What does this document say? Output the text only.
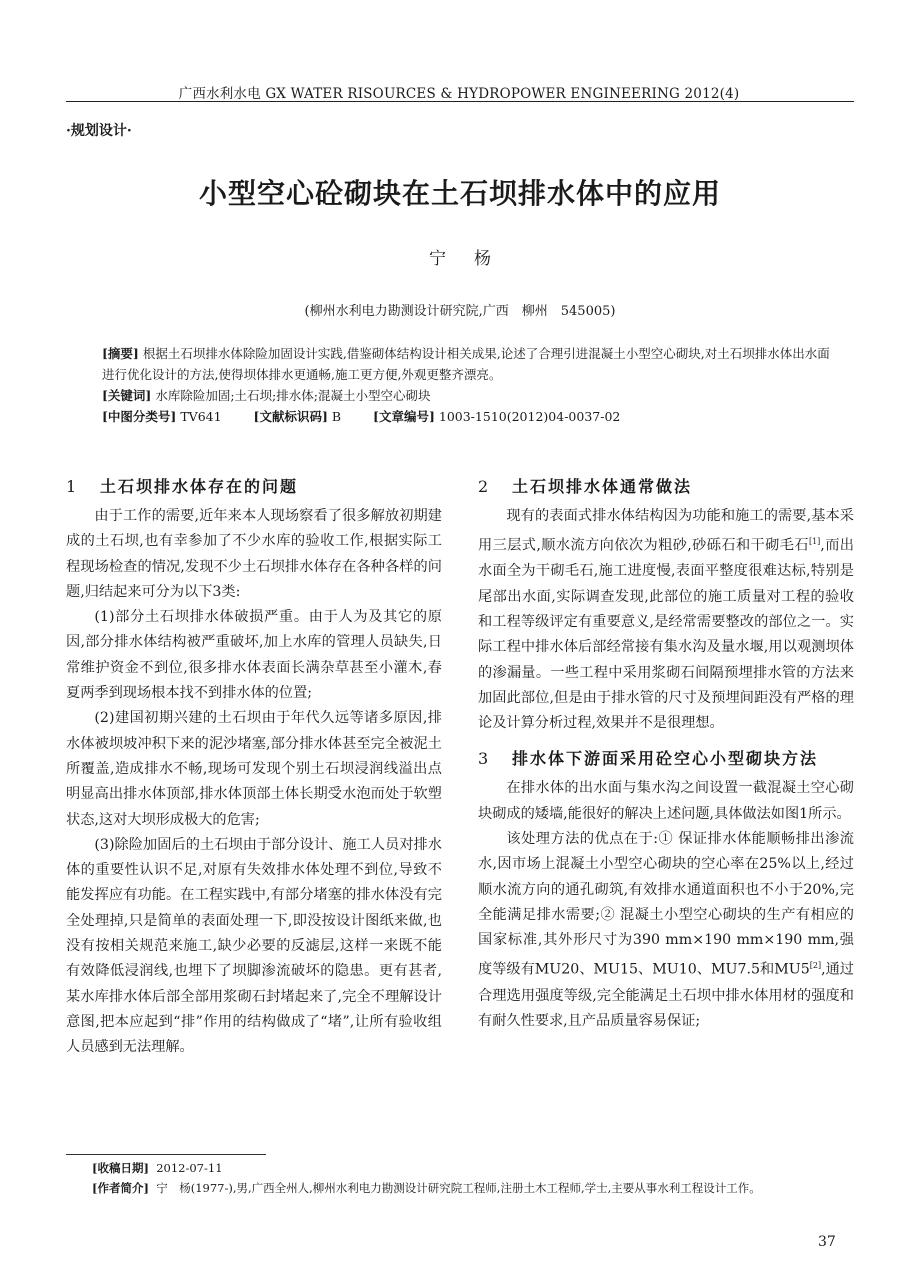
广西水利水电 GX WATER RISOURCES & HYDROPOWER ENGINEERING 2012(4)
·规划设计·
小型空心砼砌块在土石坝排水体中的应用
宁杨
(柳州水利电力勘测设计研究院,广西　柳州　545005)
[摘要] 根据土石坝排水体除险加固设计实践,借鉴砌体结构设计相关成果,论述了合理引进混凝土小型空心砌块,对土石坝排水体出水面进行优化设计的方法,使得坝体排水更通畅,施工更方便,外观更整齐漂亮。
[关键词] 水库除险加固;土石坝;排水体;混凝土小型空心砌块
[中图分类号] TV641	[文献标识码] B	[文章编号] 1003-1510(2012)04-0037-02
1 土石坝排水体存在的问题

由于工作的需要,近年来本人现场察看了很多解放初期建成的土石坝,也有幸参加了不少水库的验收工作,根据实际工程现场检查的情况,发现不少土石坝排水体存在各种各样的问题,归结起来可分为以下3类:

(1)部分土石坝排水体破损严重。由于人为及其它的原因,部分排水体结构被严重破坏,加上水库的管理人员缺失,日常维护资金不到位,很多排水体表面长满杂草甚至小灌木,春夏两季到现场根本找不到排水体的位置;

(2)建国初期兴建的土石坝由于年代久远等诸多原因,排水体被坝坡冲积下来的泥沙堵塞,部分排水体甚至完全被泥土所覆盖,造成排水不畅,现场可发现个别土石坝浸润线溢出点明显高出排水体顶部,排水体顶部土体长期受水泡而处于软塑状态,这对大坝形成极大的危害;

(3)除险加固后的土石坝由于部分设计、施工人员对排水体的重要性认识不足,对原有失效排水体处理不到位,导致不能发挥应有功能。在工程实践中,有部分堵塞的排水体没有完全处理掉,只是简单的表面处理一下,即没按设计图纸来做,也没有按相关规范来施工,缺少必要的反滤层,这样一来既不能有效降低浸润线,也埋下了坝脚渗流破坏的隐患。更有甚者,某水库排水体后部全部用浆砌石封堵起来了,完全不理解设计意图,把本应起到“排”作用的结构做成了“堵”,让所有验收组人员感到无法理解。

2 土石坝排水体通常做法

现有的表面式排水体结构因为功能和施工的需要,基本采用三层式,顺水流方向依次为粗砂,砂砾石和干砌毛石[1],而出水面全为干砌毛石,施工进度慢,表面平整度很难达标,特别是尾部出水面,实际调查发现,此部位的施工质量对工程的验收和工程等级评定有重要意义,是经常需要整改的部位之一。实际工程中排水体后部经常接有集水沟及量水堰,用以观测坝体的渗漏量。一些工程中采用浆砌石间隔预埋排水管的方法来加固此部位,但是由于排水管的尺寸及预埋间距没有严格的理论及计算分析过程,效果并不是很理想。

3	排水体下游面采用砼空心小型砌块方法

在排水体的出水面与集水沟之间设置一截混凝土空心砌块砌成的矮墙,能很好的解决上述问题,具体做法如图1所示。

该处理方法的优点在于:① 保证排水体能顺畅排出渗流水,因市场上混凝土小型空心砌块的空心率在25%以上,经过顺水流方向的通孔砌筑,有效排水通道面积也不小于20%,完全能满足排水需要;② 混凝土小型空心砌块的生产有相应的国家标准,其外形尺寸为390 mm×190 mm×190 mm,强度等级有MU20、MU15、MU10、MU7.5和MU5[2],通过合理选用强度等级,完全能满足土石坝中排水体用材的强度和有耐久性要求,且产品质量容易保证;

[收稿日期] 2012-07-11
[作者简介] 宁　杨(1977-),男,广西全州人,柳州水利电力勘测设计研究院工程师,注册土木工程师,学士,主要从事水利工程设计工作。
37
